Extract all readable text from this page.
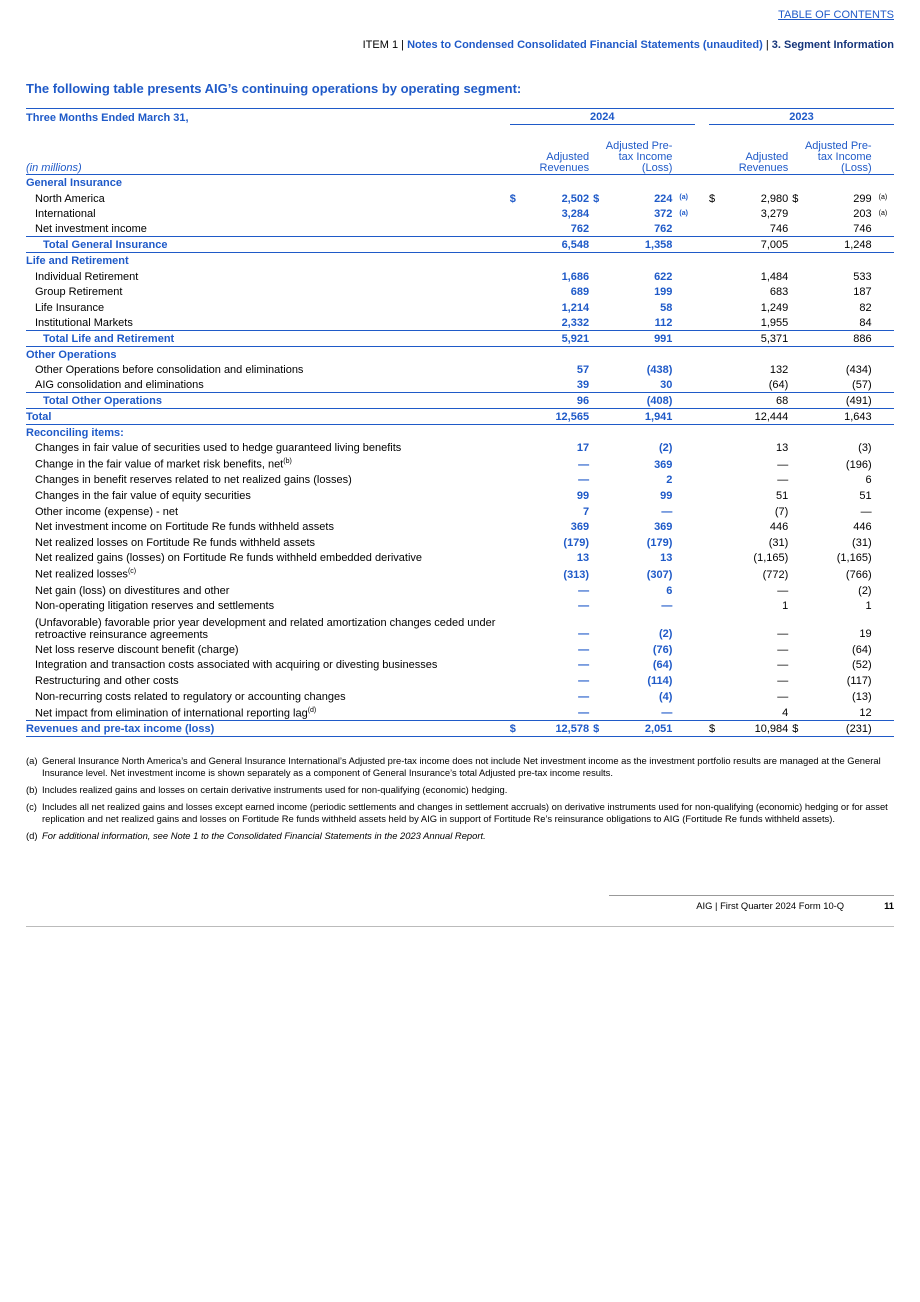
TABLE OF CONTENTS
ITEM 1 | Notes to Condensed Consolidated Financial Statements (unaudited) | 3. Segment Information
The following table presents AIG’s continuing operations by operating segment:
Three Months Ended March 31,	2024						2023				
(in millions)	Adjusted Revenues		Adjusted Pre-tax Income (Loss)				Adjusted Revenues		Adjusted Pre-tax Income (Loss)		
General Insurance											
North America	$	2,502	$	224	(a)		$	2,980	$	299	(a)
International		3,284		372	(a)			3,279		203	(a)
Net investment income		762		762				746		746	
Total General Insurance		6,548		1,358				7,005		1,248	
Life and Retirement											
Individual Retirement		1,686		622				1,484		533	
Group Retirement		689		199				683		187	
Life Insurance		1,214		58				1,249		82	
Institutional Markets		2,332		112				1,955		84	
Total Life and Retirement		5,921		991				5,371		886	
Other Operations											
Other Operations before consolidation and eliminations		57		(438)				132		(434)	
AIG consolidation and eliminations		39		30				(64)		(57)	
Total Other Operations		96		(408)				68		(491)	
Total		12,565		1,941				12,444		1,643	
Reconciling items:											
Changes in fair value of securities used to hedge guaranteed living benefits		17		(2)				13		(3)	
Change in the fair value of market risk benefits, net$^{(b)}$		—		369				—		(196)	
Changes in benefit reserves related to net realized gains (losses)		—		2				—		6	
Changes in the fair value of equity securities		99		99				51		51	
Other income (expense) - net		7		—				(7)		—	
Net investment income on Fortitude Re funds withheld assets		369		369				446		446	
Net realized losses on Fortitude Re funds withheld assets		(179)		(179)				(31)		(31)	
Net realized gains (losses) on Fortitude Re funds withheld embedded derivative		13		13				(1,165)		(1,165)	
Net realized losses$^{(c)}$		(313)		(307)				(772)		(766)	
Net gain (loss) on divestitures and other		—		6				—		(2)	
Non-operating litigation reserves and settlements		—		—				1		1	
(Unfavorable) favorable prior year development and related amortization changes ceded under retroactive reinsurance agreements		—		(2)				—		19	
Net loss reserve discount benefit (charge)		—		(76)				—		(64)	
Integration and transaction costs associated with acquiring or divesting businesses		—		(64)				—		(52)	
Restructuring and other costs		—		(114)				—		(117)	
Non-recurring costs related to regulatory or accounting changes		—		(4)				—		(13)	
Net impact from elimination of international reporting lag$^{(d)}$		—		—				4		12	
Revenues and pre-tax income (loss)	$	12,578	$	2,051			$	10,984	$	(231)	
(a) General Insurance North America’s and General Insurance International’s Adjusted pre-tax income does not include Net investment income as the investment portfolio results are managed at the General Insurance level. Net investment income is shown separately as a component of General Insurance’s total Adjusted pre-tax income results.
(b) Includes realized gains and losses on certain derivative instruments used for non-qualifying (economic) hedging.
(c) Includes all net realized gains and losses except earned income (periodic settlements and changes in settlement accruals) on derivative instruments used for non-qualifying (economic) hedging or for asset replication and net realized gains and losses on Fortitude Re funds withheld assets held by AIG in support of Fortitude Re’s reinsurance obligations to AIG (Fortitude Re funds withheld assets).
(d) For additional information, see Note 1 to the Consolidated Financial Statements in the 2023 Annual Report.
AIG | First Quarter 2024 Form 10-Q	11
